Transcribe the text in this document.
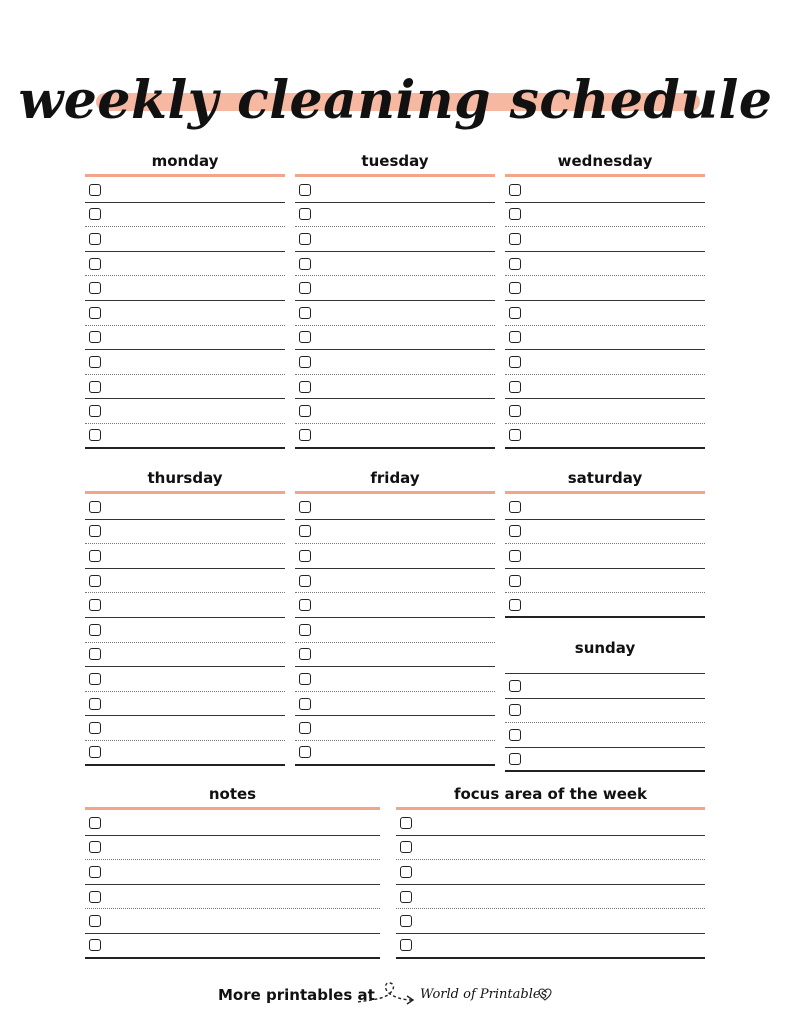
weekly cleaning schedule
monday	tuesday	wednesday
thursday	friday	saturday
sunday
notes	focus area of the week
More printables at	World of Printables
